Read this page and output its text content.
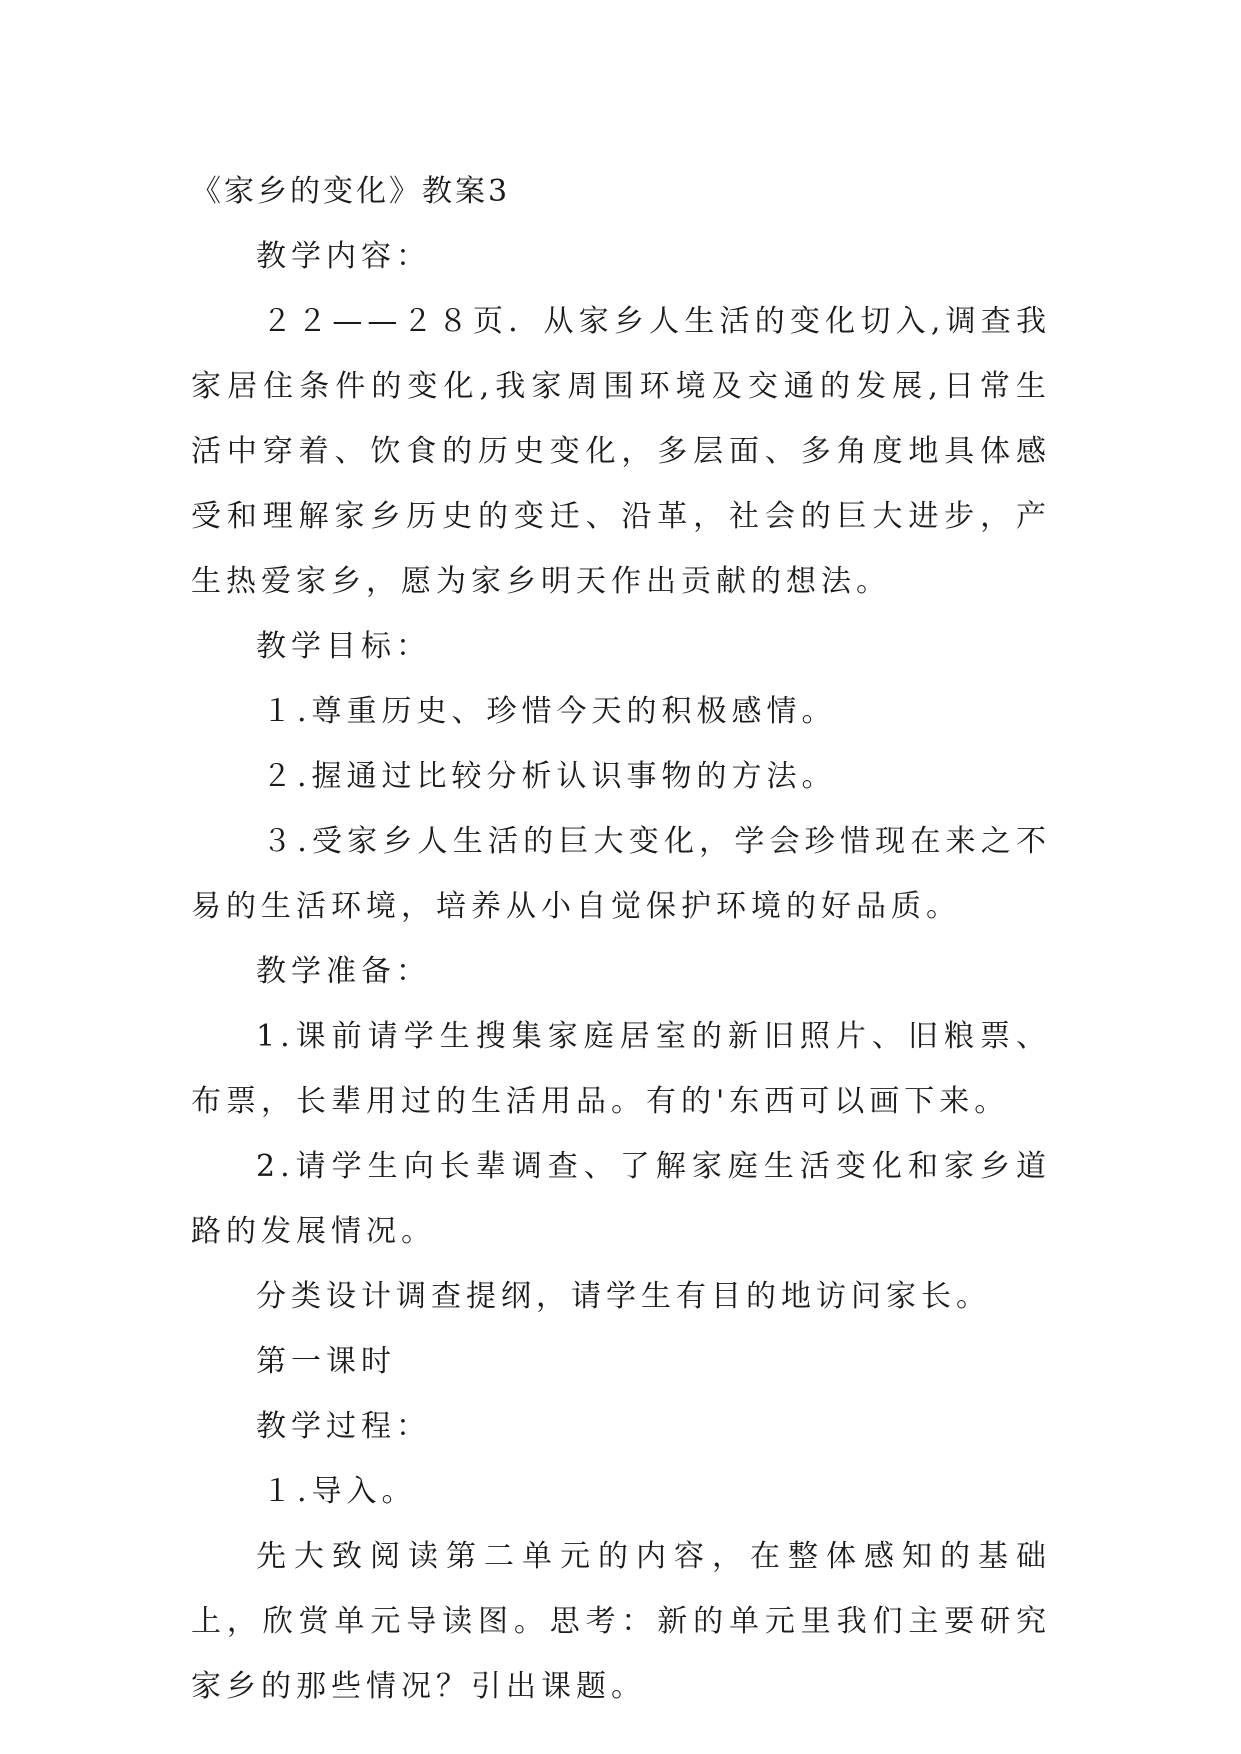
《家乡的变化》教案3

教学内容：

２２——２８页．从家乡人生活的变化切入,调查我家居住条件的变化,我家周围环境及交通的发展,日常生活中穿着、饮食的历史变化，多层面、多角度地具体感受和理解家乡历史的变迁、沿革，社会的巨大进步，产生热爱家乡，愿为家乡明天作出贡献的想法。

教学目标：

１.尊重历史、珍惜今天的积极感情。

２.握通过比较分析认识事物的方法。

３.受家乡人生活的巨大变化，学会珍惜现在来之不易的生活环境，培养从小自觉保护环境的好品质。

教学准备：

1.课前请学生搜集家庭居室的新旧照片、旧粮票、布票，长辈用过的生活用品。有的'东西可以画下来。

2.请学生向长辈调查、了解家庭生活变化和家乡道路的发展情况。

分类设计调查提纲，请学生有目的地访问家长。

第一课时

教学过程：

１.导入。

先大致阅读第二单元的内容，在整体感知的基础上，欣赏单元导读图。思考：新的单元里我们主要研究家乡的那些情况？引出课题。
